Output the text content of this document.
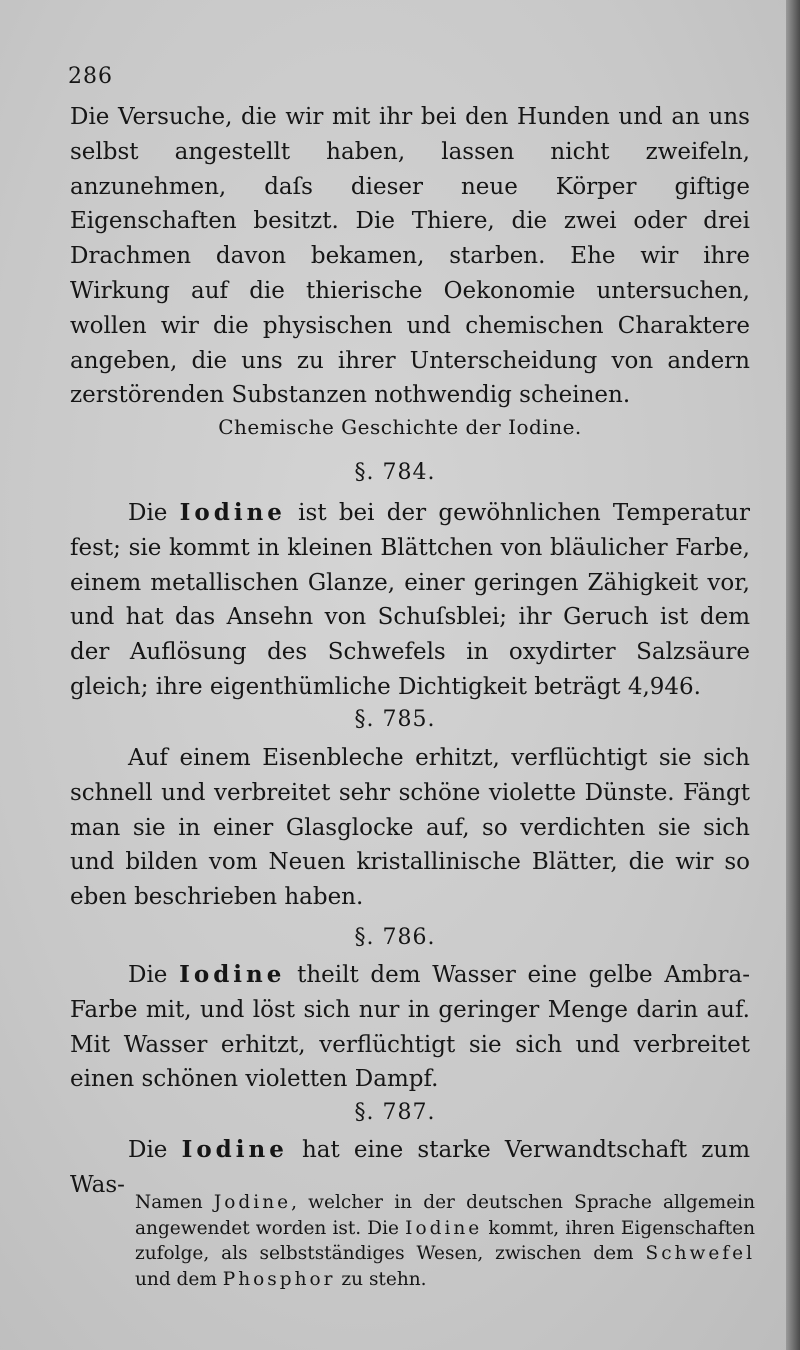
286

Die Versuche, die wir mit ihr bei den Hunden und an uns selbst angestellt haben, lassen nicht zweifeln, anzunehmen, daſs dieser neue Körper giftige Eigenschaften besitzt. Die Thiere, die zwei oder drei Drachmen davon bekamen, starben. Ehe wir ihre Wirkung auf die thierische Oekonomie untersuchen, wollen wir die physischen und chemischen Charaktere angeben, die uns zu ihrer Unterscheidung von andern zerstörenden Substanzen nothwendig scheinen.

Chemische Geschichte der Iodine.
§. 784.

Die Iodine ist bei der gewöhnlichen Temperatur fest; sie kommt in kleinen Blättchen von bläulicher Farbe, einem metallischen Glanze, einer geringen Zähigkeit vor, und hat das Ansehn von Schuſsblei; ihr Geruch ist dem der Auflösung des Schwefels in oxydirter Salzsäure gleich; ihre eigenthümliche Dichtigkeit beträgt 4,946.

§. 785.

Auf einem Eisenbleche erhitzt, verflüchtigt sie sich schnell und verbreitet sehr schöne violette Dünste. Fängt man sie in einer Glasglocke auf, so verdichten sie sich und bilden vom Neuen kristallinische Blätter, die wir so eben beschrieben haben.

§. 786.

Die Iodine theilt dem Wasser eine gelbe Ambra-Farbe mit, und löst sich nur in geringer Menge darin auf. Mit Wasser erhitzt, verflüchtigt sie sich und verbreitet einen schönen violetten Dampf.

§. 787.

Die Iodine hat eine starke Verwandtschaft zum Was-

Namen Jodine, welcher in der deutschen Sprache allgemein angewendet worden ist. Die Iodine kommt, ihren Eigenschaften zufolge, als selbstständiges Wesen, zwischen dem Schwefel und dem Phosphor zu stehn.
